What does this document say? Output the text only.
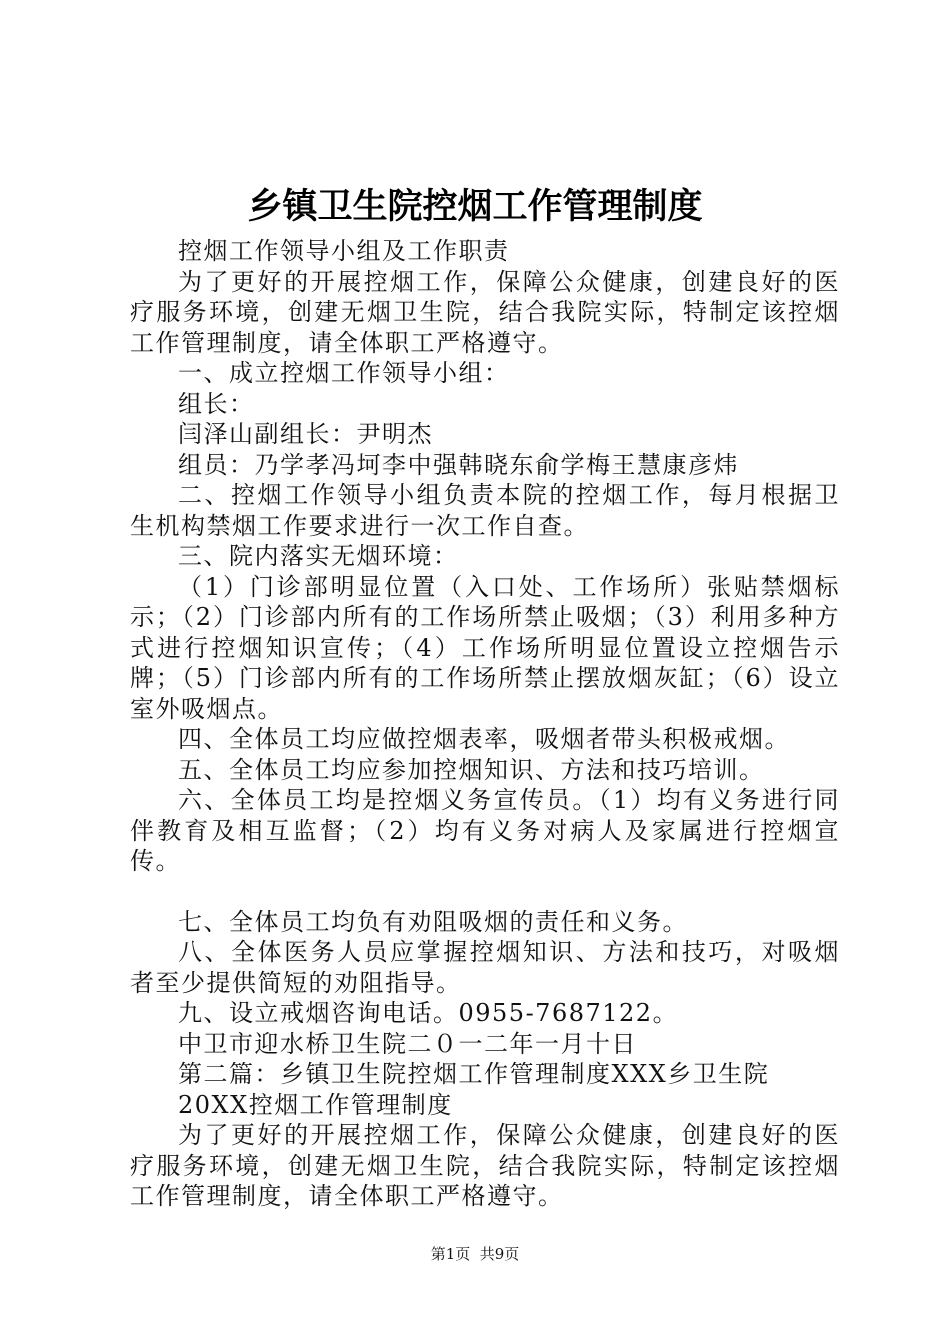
乡镇卫生院控烟工作管理制度

控烟工作领导小组及工作职责

为了更好的开展控烟工作，保障公众健康，创建良好的医疗服务环境，创建无烟卫生院，结合我院实际，特制定该控烟工作管理制度，请全体职工严格遵守。

一、成立控烟工作领导小组：

组长：

闫泽山副组长：尹明杰

组员：乃学孝冯坷李中强韩晓东俞学梅王慧康彦炜

二、控烟工作领导小组负责本院的控烟工作，每月根据卫生机构禁烟工作要求进行一次工作自查。

三、院内落实无烟环境：

（1）门诊部明显位置（入口处、工作场所）张贴禁烟标示；（2）门诊部内所有的工作场所禁止吸烟；（3）利用多种方式进行控烟知识宣传；（4）工作场所明显位置设立控烟告示牌；（5）门诊部内所有的工作场所禁止摆放烟灰缸；（6）设立室外吸烟点。

四、全体员工均应做控烟表率，吸烟者带头积极戒烟。

五、全体员工均应参加控烟知识、方法和技巧培训。

六、全体员工均是控烟义务宣传员。（1）均有义务进行同伴教育及相互监督；（2）均有义务对病人及家属进行控烟宣传。

七、全体员工均负有劝阻吸烟的责任和义务。

八、全体医务人员应掌握控烟知识、方法和技巧，对吸烟者至少提供简短的劝阻指导。

九、设立戒烟咨询电话。0955-7687122。

中卫市迎水桥卫生院二０一二年一月十日

第二篇：乡镇卫生院控烟工作管理制度XXX乡卫生院

20XX控烟工作管理制度

为了更好的开展控烟工作，保障公众健康，创建良好的医疗服务环境，创建无烟卫生院，结合我院实际，特制定该控烟工作管理制度，请全体职工严格遵守。

第1页  共9页
